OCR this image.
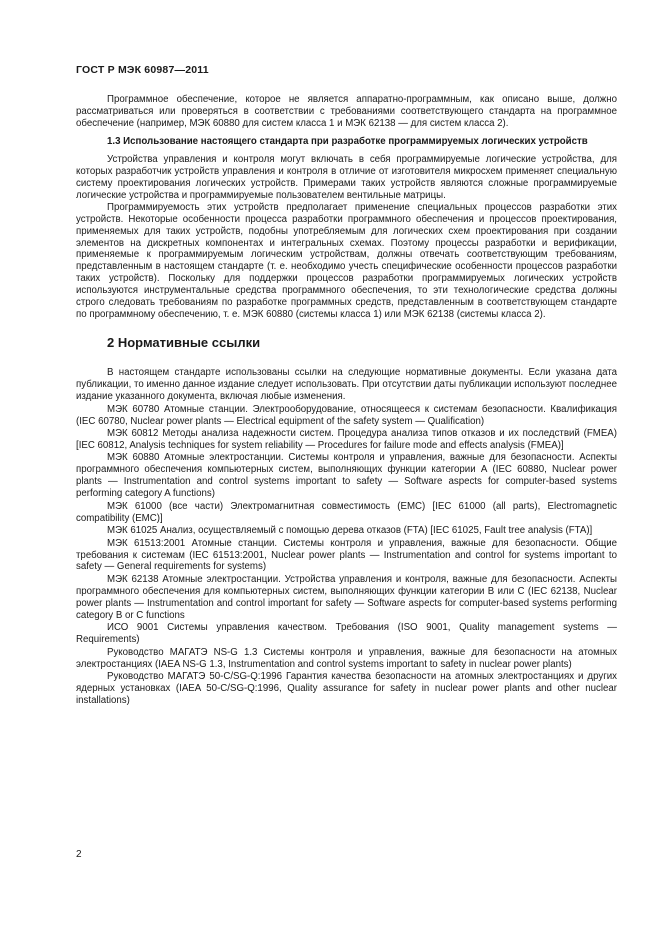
ГОСТ Р МЭК 60987—2011

Программное обеспечение, которое не является аппаратно-программным, как описано выше, должно рассматриваться или проверяться в соответствии с требованиями соответствующего стандарта на программное обеспечение (например, МЭК 60880 для систем класса 1 и МЭК 62138 — для систем класса 2).

1.3 Использование настоящего стандарта при разработке программируемых логических устройств

Устройства управления и контроля могут включать в себя программируемые логические устройства, для которых разработчик устройств управления и контроля в отличие от изготовителя микросхем применяет специальную систему проектирования логических устройств. Примерами таких устройств являются сложные программируемые логические устройства и программируемые пользователем вентильные матрицы.

Программируемость этих устройств предполагает применение специальных процессов разработки этих устройств. Некоторые особенности процесса разработки программного обеспечения и процессов проектирования, применяемых для таких устройств, подобны употребляемым для логических схем проектирования при создании элементов на дискретных компонентах и интегральных схемах. Поэтому процессы разработки и верификации, применяемые к программируемым логическим устройствам, должны отвечать соответствующим требованиям, представленным в настоящем стандарте (т. е. необходимо учесть специфические особенности процессов разработки таких устройств). Поскольку для поддержки процессов разработки программируемых логических устройств используются инструментальные средства программного обеспечения, то эти технологические средства должны строго следовать требованиям по разработке программных средств, представленным в соответствующем стандарте по программному обеспечению, т. е. МЭК 60880 (системы класса 1) или МЭК 62138 (системы класса 2).

2 Нормативные ссылки

В настоящем стандарте использованы ссылки на следующие нормативные документы. Если указана дата публикации, то именно данное издание следует использовать. При отсутствии даты публикации используют последнее издание указанного документа, включая любые изменения.

МЭК 60780 Атомные станции. Электрооборудование, относящееся к системам безопасности. Квалификация (IEC 60780, Nuclear power plants — Electrical equipment of the safety system — Qualification)

МЭК 60812 Методы анализа надежности систем. Процедура анализа типов отказов и их последствий (FMEA) [IEC 60812, Analysis techniques for system reliability — Procedures for failure mode and effects analysis (FMEA)]

МЭК 60880 Атомные электростанции. Системы контроля и управления, важные для безопасности. Аспекты программного обеспечения компьютерных систем, выполняющих функции категории А (IEC 60880, Nuclear power plants — Instrumentation and control systems important to safety — Software aspects for computer-based systems performing category A functions)

МЭК 61000 (все части) Электромагнитная совместимость (EMC) [IEC 61000 (all parts), Electromagnetic compatibility (EMC)]

МЭК 61025 Анализ, осуществляемый с помощью дерева отказов (FTA) [IEC 61025, Fault tree analysis (FTA)]

МЭК 61513:2001 Атомные станции. Системы контроля и управления, важные для безопасности. Общие требования к системам (IEC 61513:2001, Nuclear power plants — Instrumentation and control for systems important to safety — General requirements for systems)

МЭК 62138 Атомные электростанции. Устройства управления и контроля, важные для безопасности. Аспекты программного обеспечения для компьютерных систем, выполняющих функции категории В или С (IEC 62138, Nuclear power plants — Instrumentation and control important for safety — Software aspects for computer-based systems performing category B or C functions

ИСО 9001 Системы управления качеством. Требования (ISO 9001, Quality management systems — Requirements)

Руководство МАГАТЭ NS-G 1.3 Системы контроля и управления, важные для безопасности на атомных электростанциях (IAEA NS-G 1.3, Instrumentation and control systems important to safety in nuclear power plants)

Руководство МАГАТЭ 50-С/SG-Q:1996 Гарантия качества безопасности на атомных электростанциях и других ядерных установках (IAEA 50-C/SG-Q:1996, Quality assurance for safety in nuclear power plants and other nuclear installations)

2
